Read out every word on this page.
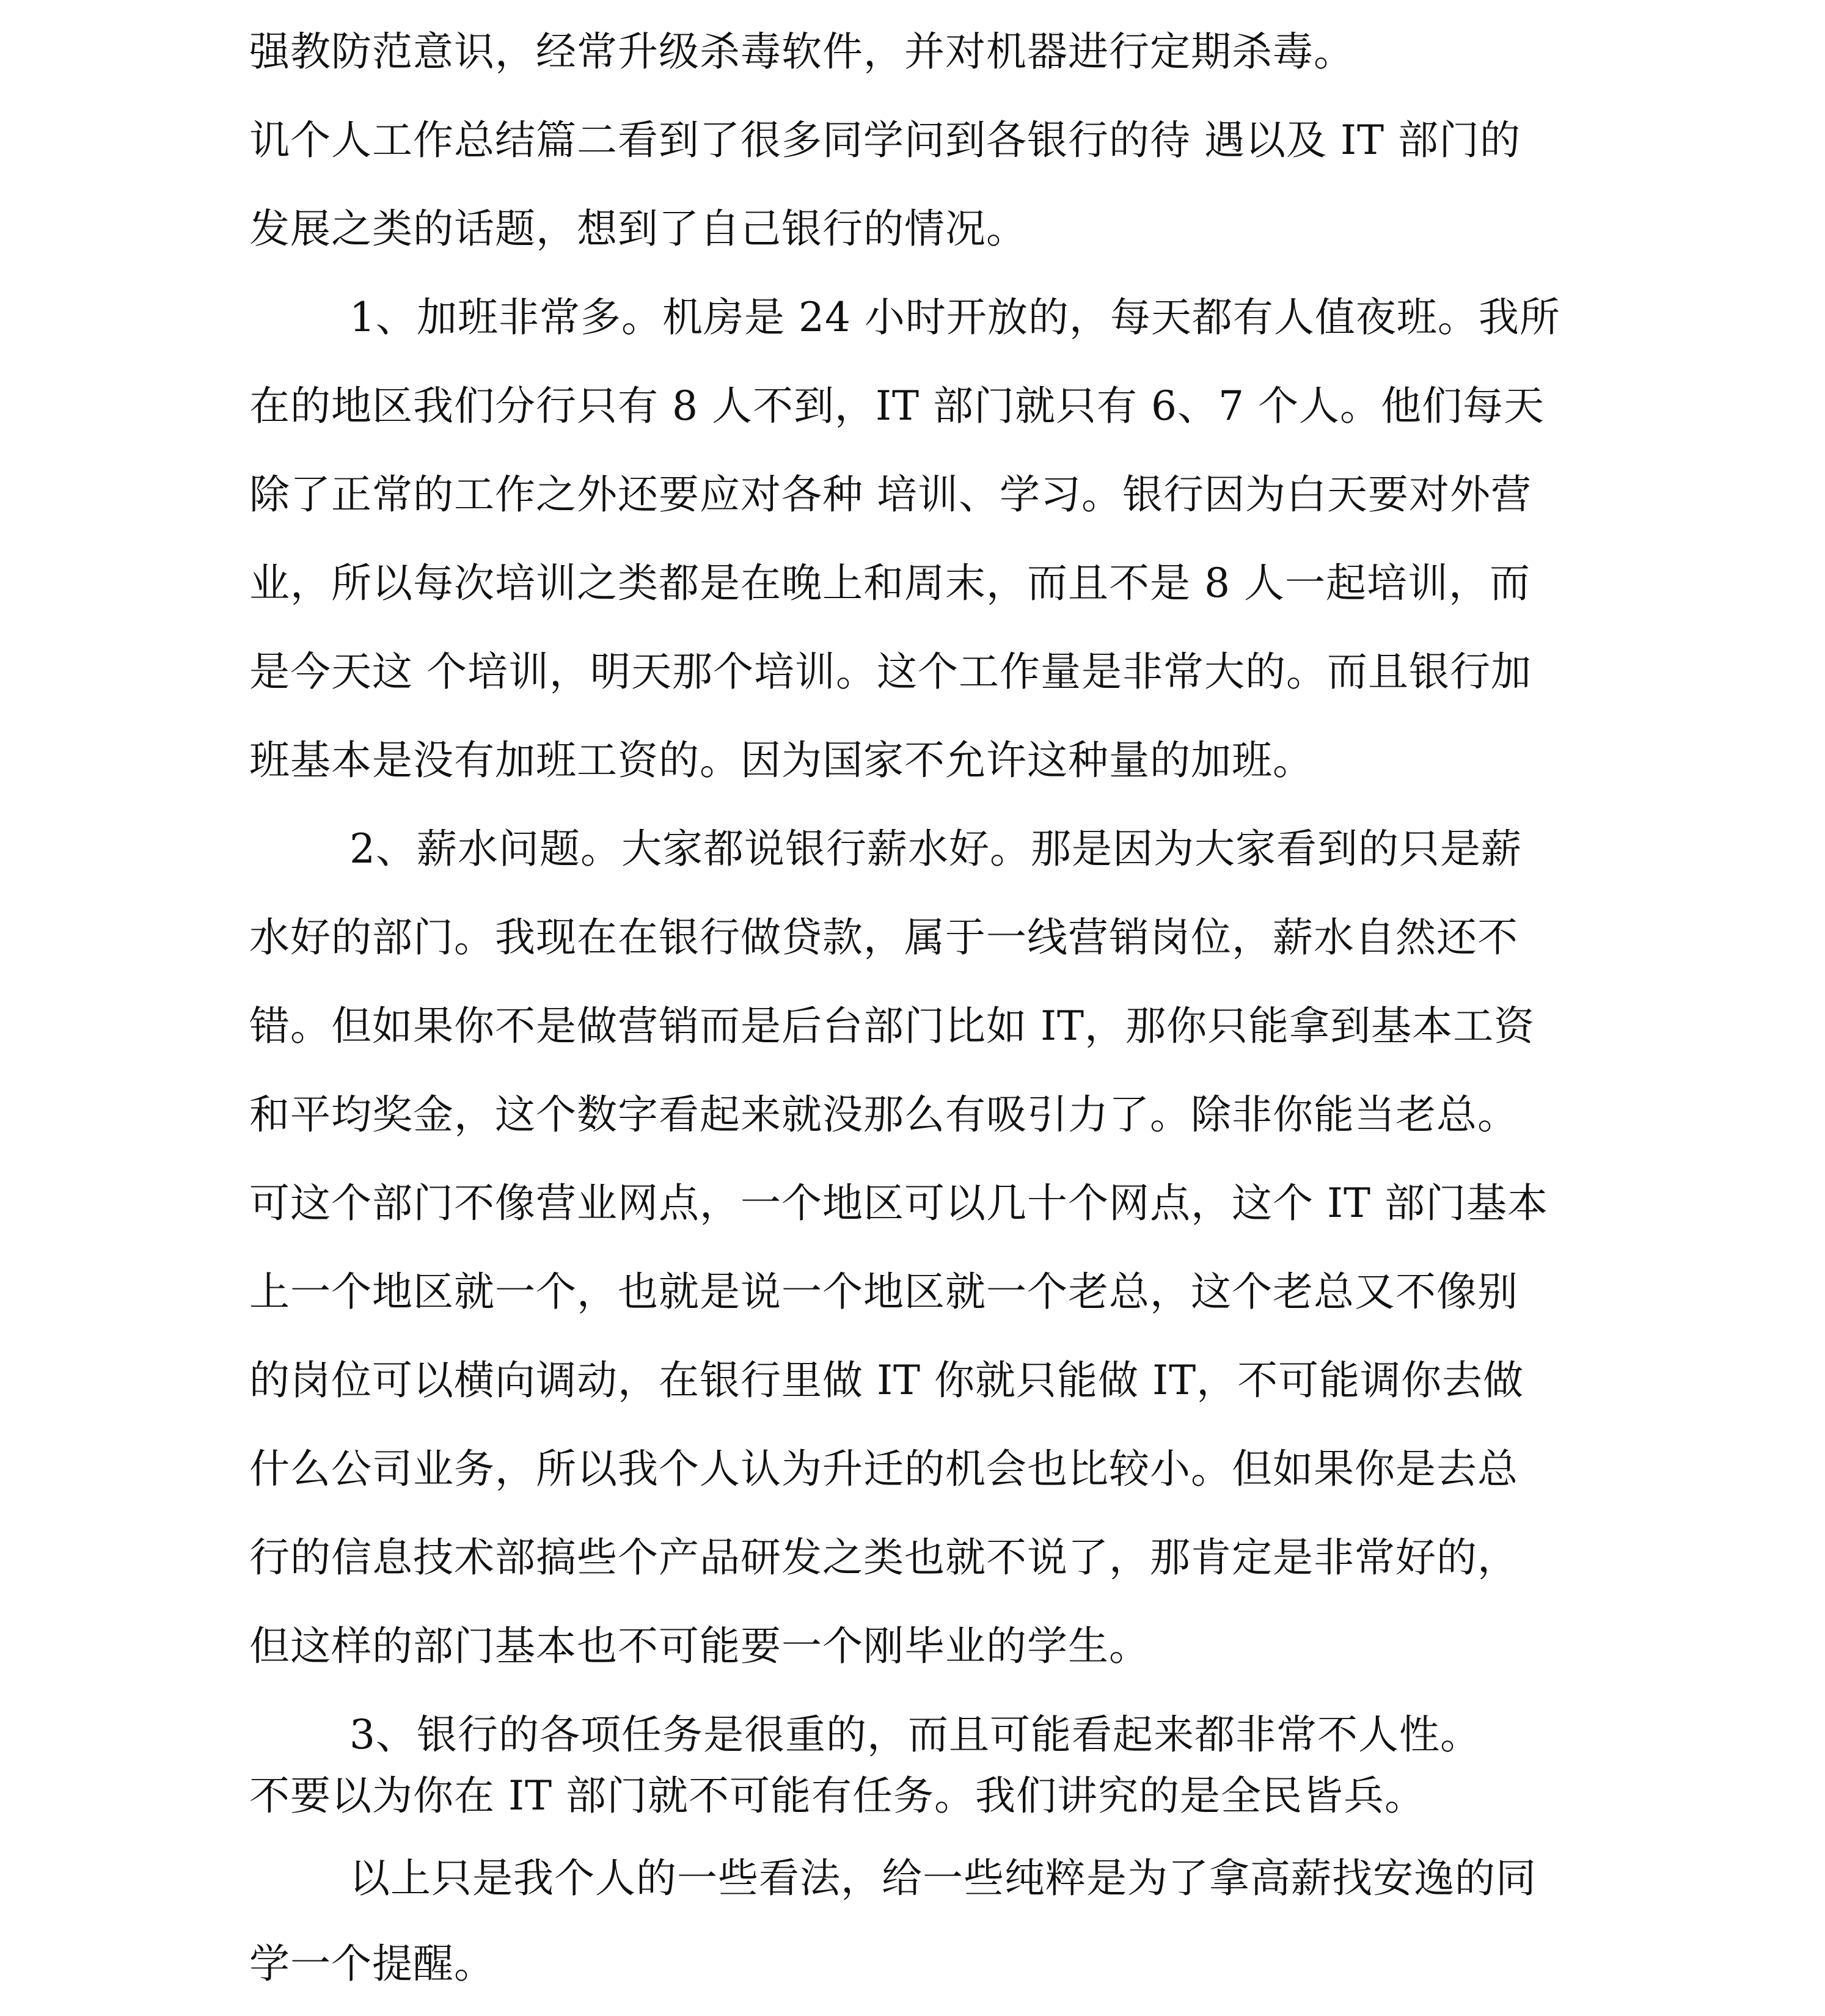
强教防范意识，经常升级杀毒软件，并对机器进行定期杀毒。

讥个人工作总结篇二看到了很多同学问到各银行的待 遇以及 IT 部门的

发展之类的话题，想到了自己银行的情况。

1、加班非常多。机房是 24 小时开放的，每天都有人值夜班。我所

在的地区我们分行只有 8 人不到，IT 部门就只有 6、7 个人。他们每天

除了正常的工作之外还要应对各种 培训、学习。银行因为白天要对外营

业，所以每次培训之类都是在晚上和周末，而且不是 8 人一起培训，而

是今天这 个培训，明天那个培训。这个工作量是非常大的。而且银行加

班基本是没有加班工资的。因为国家不允许这种量的加班。

2、薪水问题。大家都说银行薪水好。那是因为大家看到的只是薪

水好的部门。我现在在银行做贷款，属于一线营销岗位，薪水自然还不

错。但如果你不是做营销而是后台部门比如 IT，那你只能拿到基本工资

和平均奖金，这个数字看起来就没那么有吸引力了。除非你能当老总。

可这个部门不像营业网点，一个地区可以几十个网点，这个 IT 部门基本

上一个地区就一个，也就是说一个地区就一个老总，这个老总又不像别

的岗位可以横向调动，在银行里做 IT 你就只能做 IT，不可能调你去做

什么公司业务，所以我个人认为升迁的机会也比较小。但如果你是去总

行的信息技术部搞些个产品研发之类也就不说了，那肯定是非常好的，

但这样的部门基本也不可能要一个刚毕业的学生。

3、银行的各项任务是很重的，而且可能看起来都非常不人性。

不要以为你在 IT 部门就不可能有任务。我们讲究的是全民皆兵。

以上只是我个人的一些看法，给一些纯粹是为了拿高薪找安逸的同

学一个提醒。
